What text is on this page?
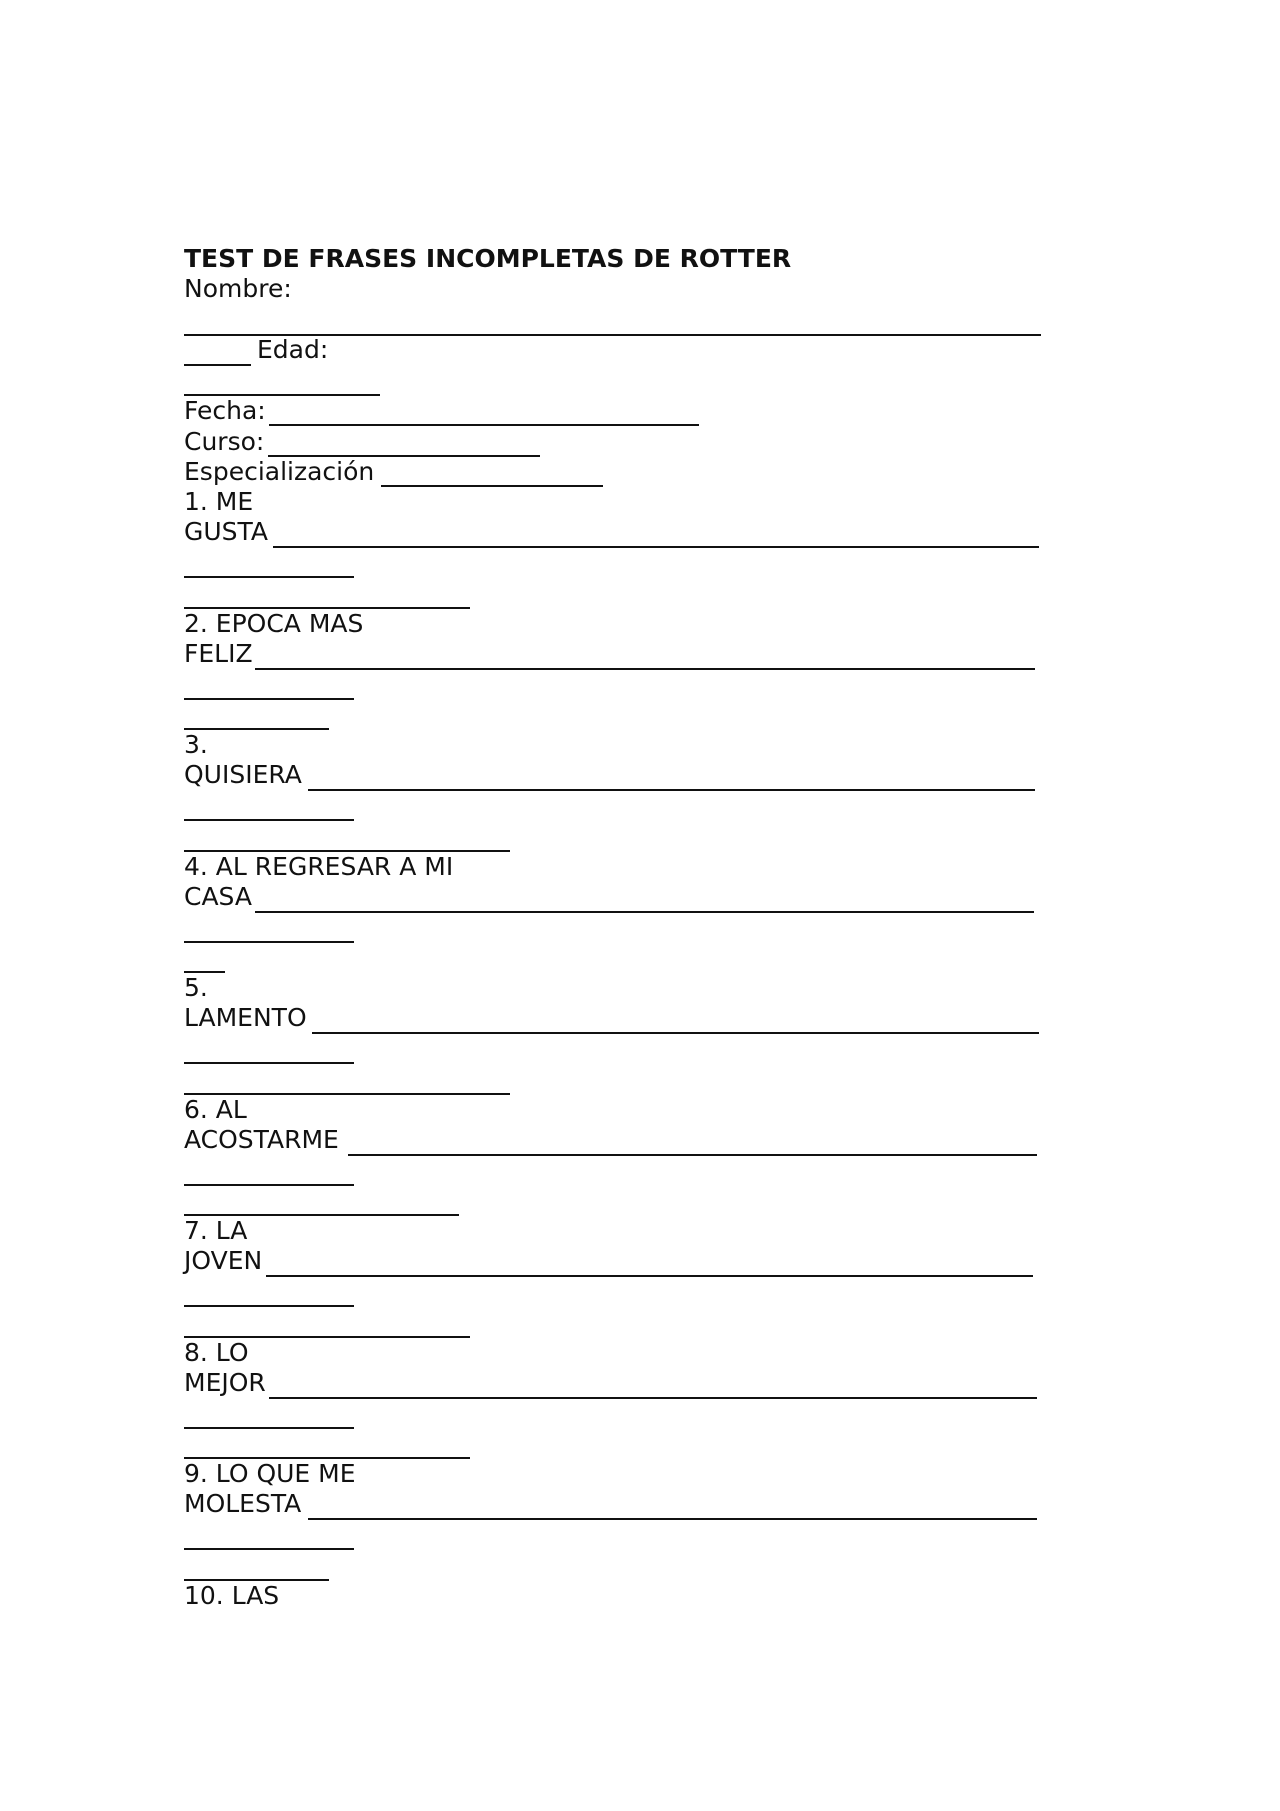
TEST DE FRASES INCOMPLETAS DE ROTTER
Nombre:
Edad:
Fecha:
Curso:
Especialización
1. ME
GUSTA
2. EPOCA MAS
FELIZ
3.
QUISIERA
4. AL REGRESAR A MI
CASA
5.
LAMENTO
6. AL
ACOSTARME
7. LA
JOVEN
8. LO
MEJOR
9. LO QUE ME
MOLESTA
10. LAS
